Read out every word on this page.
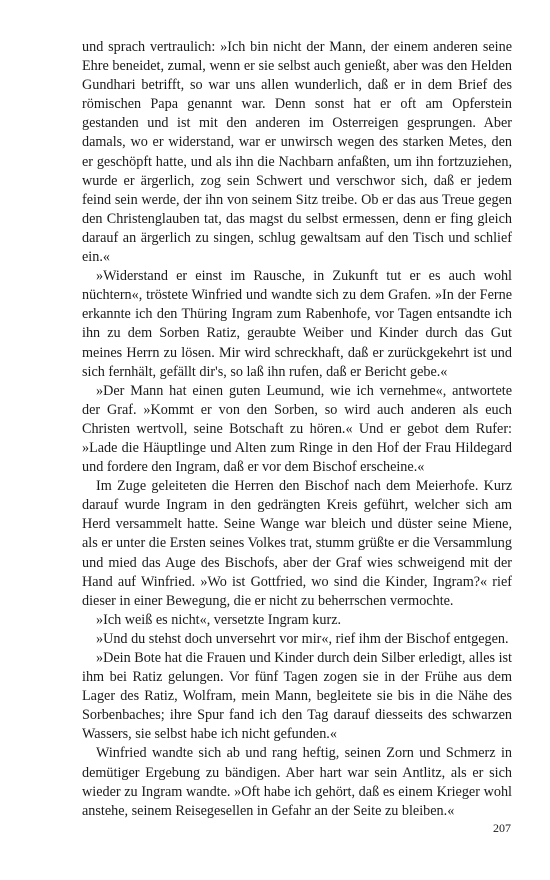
und sprach vertraulich: »Ich bin nicht der Mann, der einem anderen seine Ehre beneidet, zumal, wenn er sie selbst auch genießt, aber was den Helden Gundhari betrifft, so war uns allen wunderlich, daß er in dem Brief des römischen Papa genannt war. Denn sonst hat er oft am Opferstein gestanden und ist mit den anderen im Osterreigen gesprungen. Aber damals, wo er widerstand, war er unwirsch wegen des starken Metes, den er geschöpft hatte, und als ihn die Nachbarn anfaßten, um ihn fortzuziehen, wurde er ärgerlich, zog sein Schwert und verschwor sich, daß er jedem feind sein werde, der ihn von seinem Sitz treibe. Ob er das aus Treue gegen den Christenglauben tat, das magst du selbst ermessen, denn er fing gleich darauf an ärgerlich zu singen, schlug gewaltsam auf den Tisch und schlief ein.«

»Widerstand er einst im Rausche, in Zukunft tut er es auch wohl nüchtern«, tröstete Winfried und wandte sich zu dem Grafen. »In der Ferne erkannte ich den Thüring Ingram zum Rabenhofe, vor Tagen entsandte ich ihn zu dem Sorben Ratiz, geraubte Weiber und Kinder durch das Gut meines Herrn zu lösen. Mir wird schreckhaft, daß er zurückgekehrt ist und sich fernhält, gefällt dir's, so laß ihn rufen, daß er Bericht gebe.«

»Der Mann hat einen guten Leumund, wie ich vernehme«, antwortete der Graf. »Kommt er von den Sorben, so wird auch anderen als euch Christen wertvoll, seine Botschaft zu hören.« Und er gebot dem Rufer: »Lade die Häuptlinge und Alten zum Ringe in den Hof der Frau Hildegard und fordere den Ingram, daß er vor dem Bischof erscheine.«

Im Zuge geleiteten die Herren den Bischof nach dem Meierhofe. Kurz darauf wurde Ingram in den gedrängten Kreis geführt, welcher sich am Herd versammelt hatte. Seine Wange war bleich und düster seine Miene, als er unter die Ersten seines Volkes trat, stumm grüßte er die Versammlung und mied das Auge des Bischofs, aber der Graf wies schweigend mit der Hand auf Winfried. »Wo ist Gottfried, wo sind die Kinder, Ingram?« rief dieser in einer Bewegung, die er nicht zu beherrschen vermochte.

»Ich weiß es nicht«, versetzte Ingram kurz.

»Und du stehst doch unversehrt vor mir«, rief ihm der Bischof entgegen.

»Dein Bote hat die Frauen und Kinder durch dein Silber erledigt, alles ist ihm bei Ratiz gelungen. Vor fünf Tagen zogen sie in der Frühe aus dem Lager des Ratiz, Wolfram, mein Mann, begleitete sie bis in die Nähe des Sorbenbaches; ihre Spur fand ich den Tag darauf diesseits des schwarzen Wassers, sie selbst habe ich nicht gefunden.«

Winfried wandte sich ab und rang heftig, seinen Zorn und Schmerz in demütiger Ergebung zu bändigen. Aber hart war sein Antlitz, als er sich wieder zu Ingram wandte. »Oft habe ich gehört, daß es einem Krieger wohl anstehe, seinem Reisegesellen in Gefahr an der Seite zu bleiben.«

207
